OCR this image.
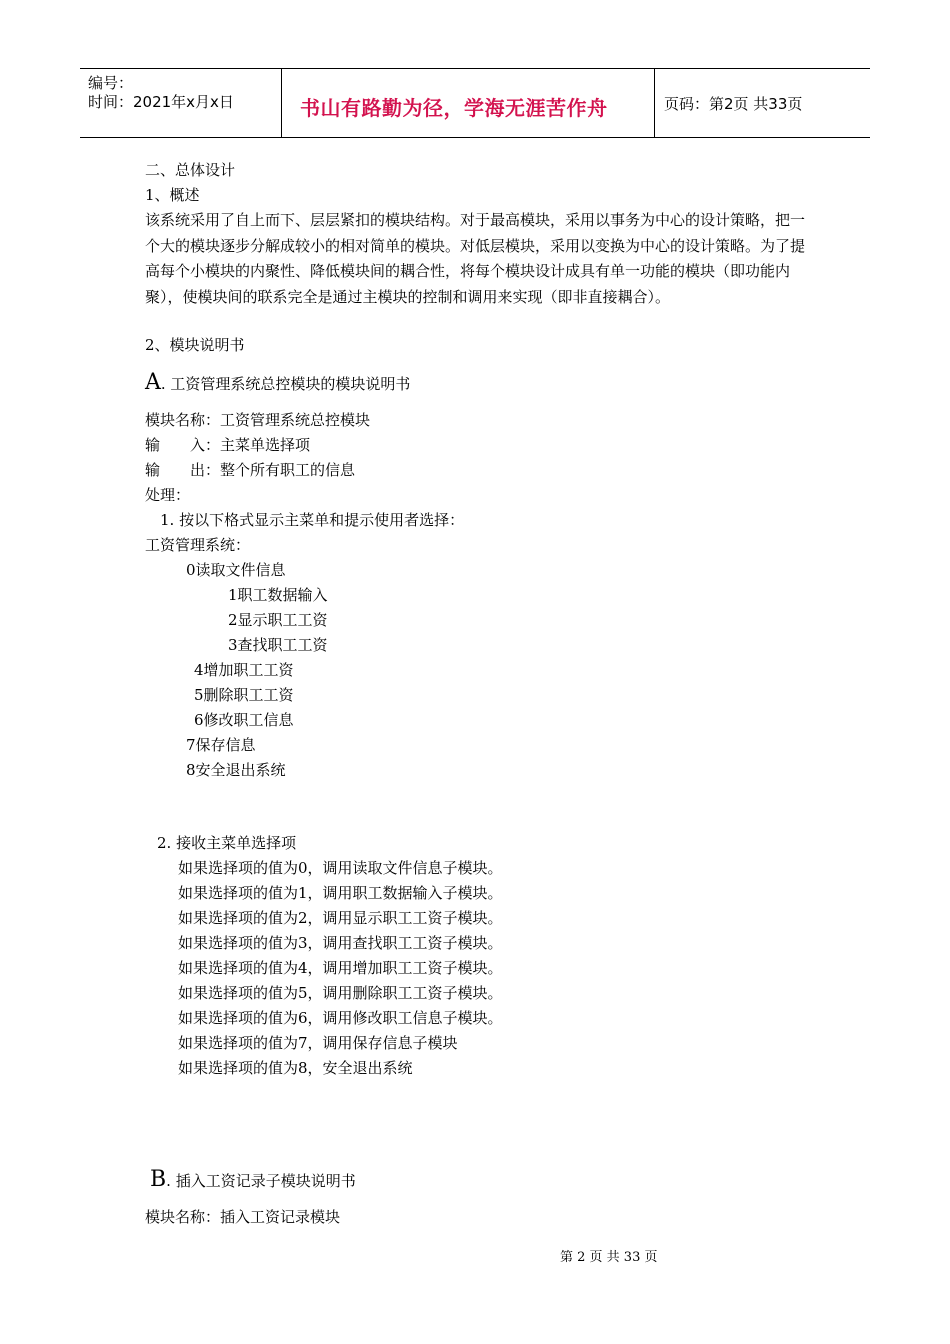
编号：
时间：2021年x月x日	书山有路勤为径，学海无涯苦作舟	页码：第2页 共33页
二、总体设计
1、概述
该系统采用了自上而下、层层紧扣的模块结构。对于最高模块，采用以事务为中心的设计策略，把一个大的模块逐步分解成较小的相对简单的模块。对低层模块，采用以变换为中心的设计策略。为了提高每个小模块的内聚性、降低模块间的耦合性，将每个模块设计成具有单一功能的模块（即功能内聚），使模块间的联系完全是通过主模块的控制和调用来实现（即非直接耦合）。
2、模块说明书
A. 工资管理系统总控模块的模块说明书
模块名称：工资管理系统总控模块
输 入：主菜单选择项
输 出：整个所有职工的信息
处理：
1. 按以下格式显示主菜单和提示使用者选择：
工资管理系统：
0读取文件信息
1职工数据输入
2显示职工工资
3查找职工工资
4增加职工工资
5删除职工工资
6修改职工信息
7保存信息
8安全退出系统
2. 接收主菜单选择项
如果选择项的值为0，调用读取文件信息子模块。
如果选择项的值为1，调用职工数据输入子模块。
如果选择项的值为2，调用显示职工工资子模块。
如果选择项的值为3，调用查找职工工资子模块。
如果选择项的值为4，调用增加职工工资子模块。
如果选择项的值为5，调用删除职工工资子模块。
如果选择项的值为6，调用修改职工信息子模块。
如果选择项的值为7，调用保存信息子模块
如果选择项的值为8，安全退出系统
B. 插入工资记录子模块说明书
模块名称：插入工资记录模块
第 2 页 共 33 页
